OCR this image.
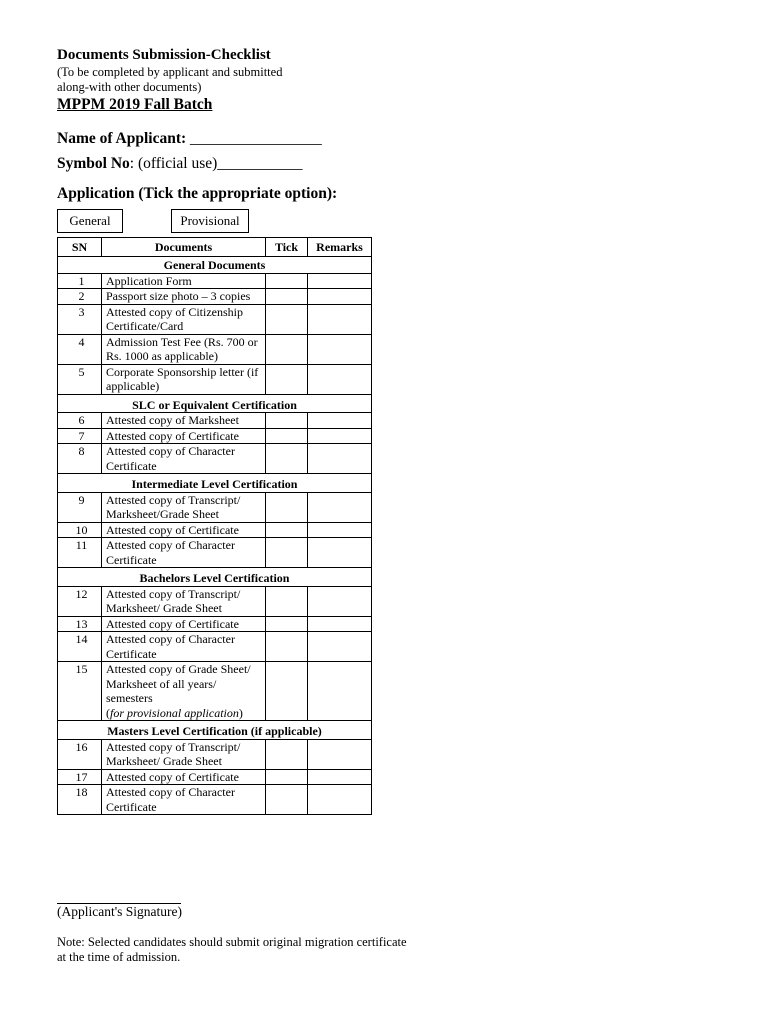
Documents Submission-Checklist
(To be completed by applicant and submitted
along-with other documents)
MPPM 2019 Fall Batch
Name of Applicant: _________________
Symbol No: (official use)___________
Application (Tick the appropriate option):
General	Provisional
SN	Documents	Tick	Remarks
General Documents			
1	Application Form		
2	Passport size photo – 3 copies		
3	Attested copy of Citizenship Certificate/Card		
4	Admission Test Fee (Rs. 700 or Rs. 1000 as applicable)		
5	Corporate Sponsorship letter (if applicable)		
SLC or Equivalent Certification			
6	Attested copy of Marksheet		
7	Attested copy of Certificate		
8	Attested copy of Character Certificate		
Intermediate Level Certification			
9	Attested copy of Transcript/ Marksheet/Grade Sheet		
10	Attested copy of Certificate		
11	Attested copy of Character Certificate		
Bachelors Level Certification			
12	Attested copy of Transcript/ Marksheet/ Grade Sheet		
13	Attested copy of Certificate		
14	Attested copy of Character Certificate		
15	Attested copy of Grade Sheet/ Marksheet of all years/ semesters
(for provisional application)		
Masters Level Certification (if applicable)			
16	Attested copy of Transcript/ Marksheet/ Grade Sheet		
17	Attested copy of Certificate		
18	Attested copy of Character Certificate		
(Applicant's Signature)
Note: Selected candidates should submit original migration certificate
at the time of admission.
